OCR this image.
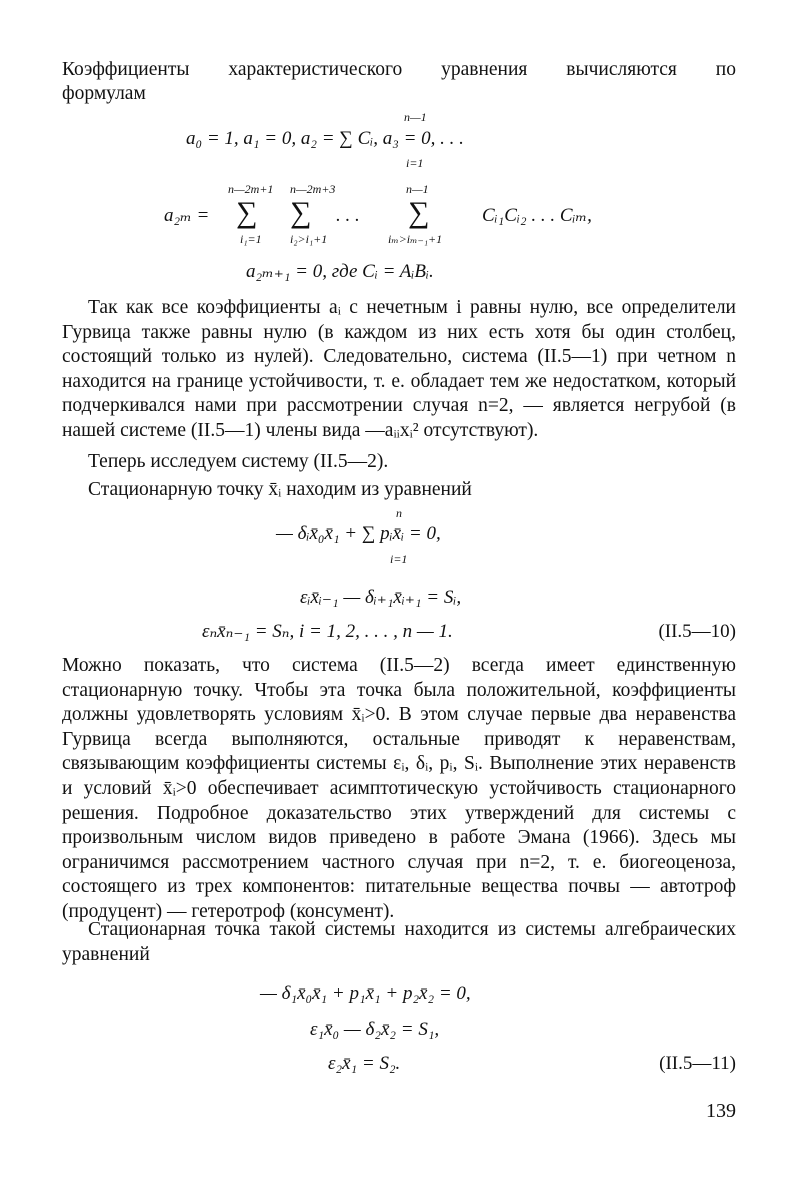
Коэффициенты характеристического уравнения вычисляются по
формулам
n—1
a₀ = 1, a₁ = 0, a₂ = ∑ Cᵢ, a₃ = 0, . . .
i=1
n—2m+1 n—2m+3	n—1
a₂ₘ = ∑ ∑ . . . ∑	Cᵢ₁Cᵢ₂ . . . Cᵢₘ,
i₁=1 i₂>i₁+1	iₘ>iₘ₋₁+1
a₂ₘ₊₁ = 0, где Cᵢ = AᵢBᵢ.

Так как все коэффициенты aᵢ с нечетным i равны нулю, все определители Гурвица также равны нулю (в каждом из них есть хотя бы один столбец, состоящий только из нулей). Следовательно, система (II.5—1) при четном n находится на границе устойчивости, т. е. обладает тем же недостатком, который подчеркивался нами при рассмотрении случая n=2, — является негрубой (в нашей системе (II.5—1) члены вида —aᵢᵢxᵢ² отсутствуют).

Теперь исследуем систему (II.5—2).
Стационарную точку x̄ᵢ находим из уравнений
n
— δᵢx̄₀x̄₁ + ∑ pᵢx̄ᵢ = 0,
i=1
εᵢx̄ᵢ₋₁ — δᵢ₊₁x̄ᵢ₊₁ = Sᵢ,
εₙx̄ₙ₋₁ = Sₙ, i = 1, 2, . . . , n — 1.	(II.5—10)

Можно показать, что система (II.5—2) всегда имеет единственную стационарную точку. Чтобы эта точка была положительной, коэффициенты должны удовлетворять условиям x̄ᵢ>0. В этом случае первые два неравенства Гурвица всегда выполняются, остальные приводят к неравенствам, связывающим коэффициенты системы εᵢ, δᵢ, pᵢ, Sᵢ. Выполнение этих неравенств и условий x̄ᵢ>0 обеспечивает асимптотическую устойчивость стационарного решения. Подробное доказательство этих утверждений для системы с произвольным числом видов приведено в работе Эмана (1966). Здесь мы ограничимся рассмотрением частного случая при n=2, т. е. биогеоценоза, состоящего из трех компонентов: питательные вещества почвы — автотроф (продуцент) — гетеротроф (консумент).

Стационарная точка такой системы находится из системы алгебраических уравнений

— δ₁x̄₀x̄₁ + p₁x̄₁ + p₂x̄₂ = 0,
ε₁x̄₀ — δ₂x̄₂ = S₁,
ε₂x̄₁ = S₂.	(II.5—11)
139
